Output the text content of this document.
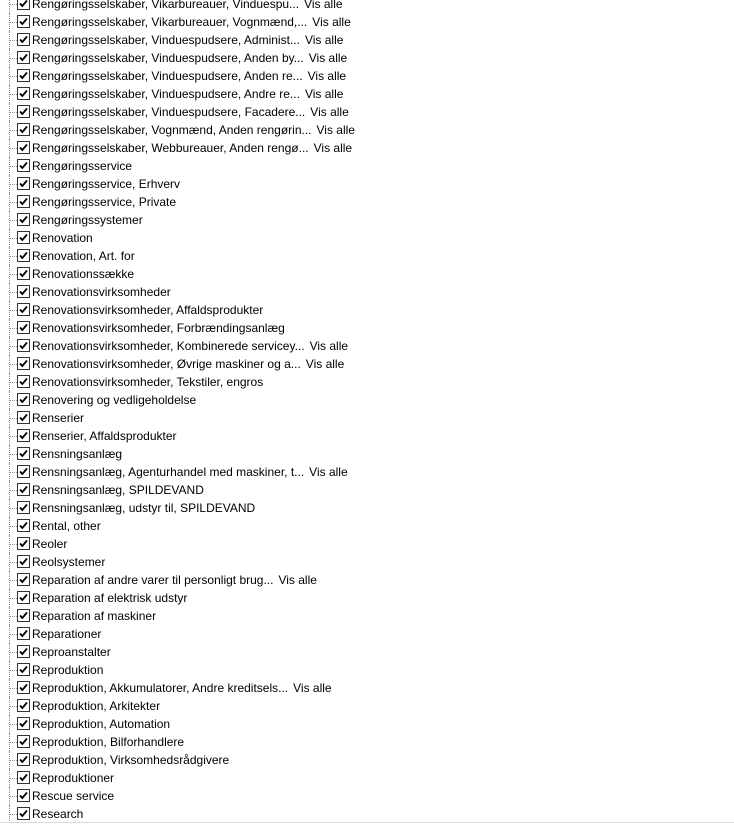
Rengøringsselskaber, Vikarbureauer, Vinduespu... Vis alle
Rengøringsselskaber, Vikarbureauer, Vognmænd,... Vis alle
Rengøringsselskaber, Vinduespudsere, Administ... Vis alle
Rengøringsselskaber, Vinduespudsere, Anden by... Vis alle
Rengøringsselskaber, Vinduespudsere, Anden re... Vis alle
Rengøringsselskaber, Vinduespudsere, Andre re... Vis alle
Rengøringsselskaber, Vinduespudsere, Facadere... Vis alle
Rengøringsselskaber, Vognmænd, Anden rengørin... Vis alle
Rengøringsselskaber, Webbureauer, Anden rengø... Vis alle
Rengøringsservice
Rengøringsservice, Erhverv
Rengøringsservice, Private
Rengøringssystemer
Renovation
Renovation, Art. for
Renovationssække
Renovationsvirksomheder
Renovationsvirksomheder, Affaldsprodukter
Renovationsvirksomheder, Forbrændingsanlæg
Renovationsvirksomheder, Kombinerede servicey... Vis alle
Renovationsvirksomheder, Øvrige maskiner og a... Vis alle
Renovationsvirksomheder, Tekstiler, engros
Renovering og vedligeholdelse
Renserier
Renserier, Affaldsprodukter
Rensningsanlæg
Rensningsanlæg, Agenturhandel med maskiner, t... Vis alle
Rensningsanlæg, SPILDEVAND
Rensningsanlæg, udstyr til, SPILDEVAND
Rental, other
Reoler
Reolsystemer
Reparation af andre varer til personligt brug... Vis alle
Reparation af elektrisk udstyr
Reparation af maskiner
Reparationer
Reproanstalter
Reproduktion
Reproduktion, Akkumulatorer, Andre kreditsels... Vis alle
Reproduktion, Arkitekter
Reproduktion, Automation
Reproduktion, Bilforhandlere
Reproduktion, Virksomhedsrådgivere
Reproduktioner
Rescue service
Research
